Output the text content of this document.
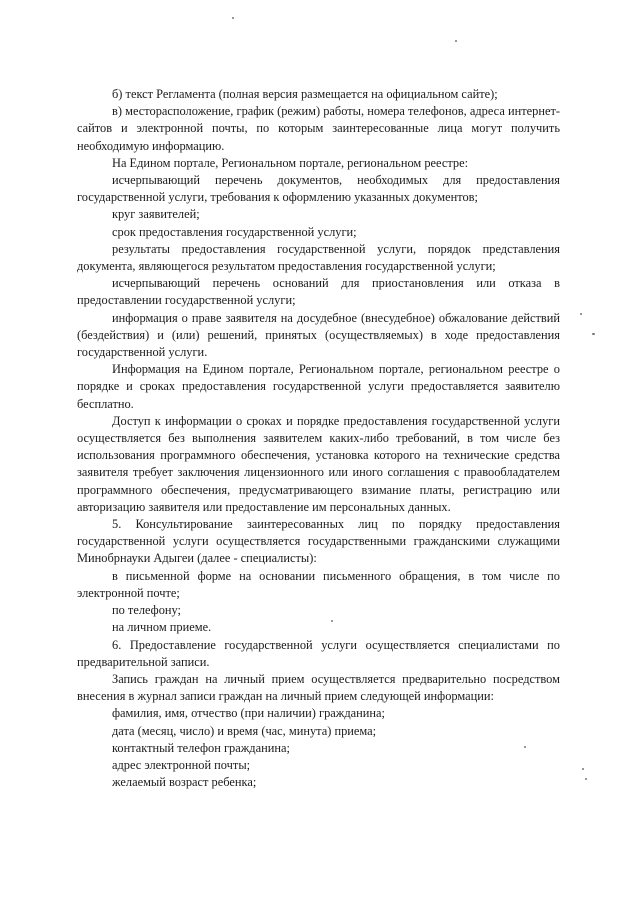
б) текст Регламента (полная версия размещается на официальном сайте);

в) месторасположение, график (режим) работы, номера телефонов, адреса интернет-сайтов и электронной почты, по которым заинтересованные лица могут получить необходимую информацию.

На Едином портале, Региональном портале, региональном реестре:

исчерпывающий перечень документов, необходимых для предоставления государственной услуги, требования к оформлению указанных документов;

круг заявителей;

срок предоставления государственной услуги;

результаты предоставления государственной услуги, порядок представления документа, являющегося результатом предоставления государственной услуги;

исчерпывающий перечень оснований для приостановления или отказа в предоставлении государственной услуги;

информация о праве заявителя на досудебное (внесудебное) обжалование действий (бездействия) и (или) решений, принятых (осуществляемых) в ходе предоставления государственной услуги.

Информация на Едином портале, Региональном портале, региональном реестре о порядке и сроках предоставления государственной услуги предоставляется заявителю бесплатно.

Доступ к информации о сроках и порядке предоставления государственной услуги осуществляется без выполнения заявителем каких-либо требований, в том числе без использования программного обеспечения, установка которого на технические средства заявителя требует заключения лицензионного или иного соглашения с правообладателем программного обеспечения, предусматривающего взимание платы, регистрацию или авторизацию заявителя или предоставление им персональных данных.

5. Консультирование заинтересованных лиц по порядку предоставления государственной услуги осуществляется государственными гражданскими служащими Минобрнауки Адыгеи (далее - специалисты):

в письменной форме на основании письменного обращения, в том числе по электронной почте;

по телефону;

на личном приеме.

6. Предоставление государственной услуги осуществляется специалистами по предварительной записи.

Запись граждан на личный прием осуществляется предварительно посредством внесения в журнал записи граждан на личный прием следующей информации:

фамилия, имя, отчество (при наличии) гражданина;

дата (месяц, число) и время (час, минута) приема;

контактный телефон гражданина;

адрес электронной почты;

желаемый возраст ребенка;
